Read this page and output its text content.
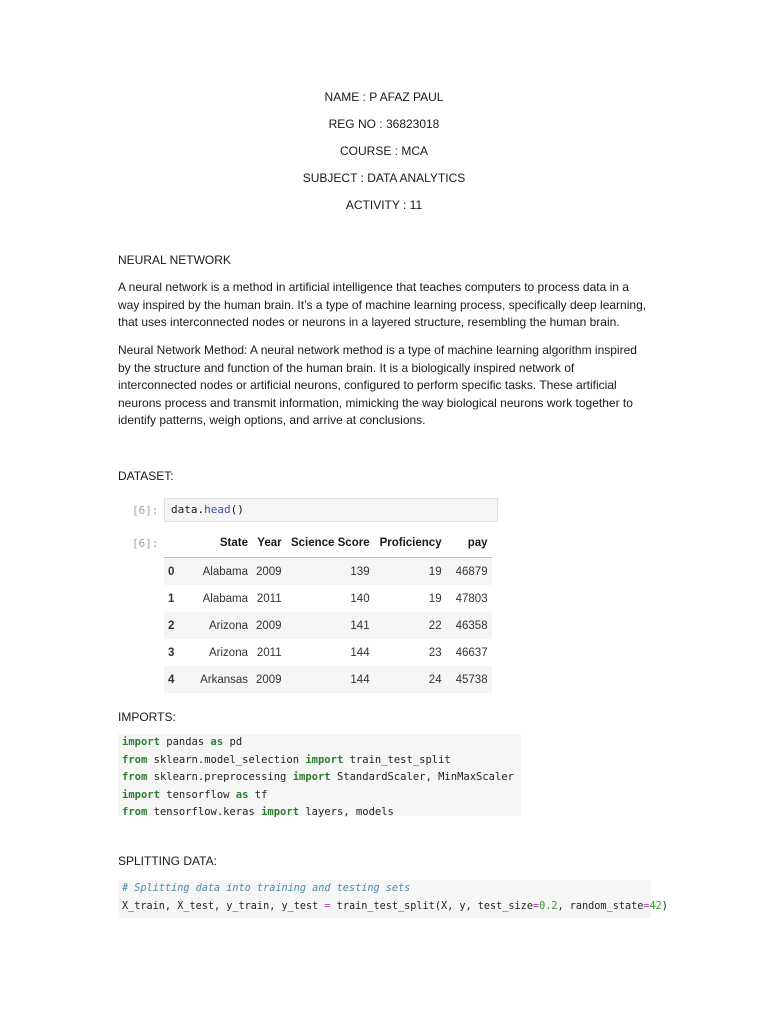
NAME : P AFAZ PAUL
REG NO : 36823018
COURSE : MCA
SUBJECT : DATA ANALYTICS
ACTIVITY : 11
NEURAL NETWORK
A neural network is a method in artificial intelligence that teaches computers to process data in a way inspired by the human brain. It’s a type of machine learning process, specifically deep learning, that uses interconnected nodes or neurons in a layered structure, resembling the human brain.
Neural Network Method: A neural network method is a type of machine learning algorithm inspired by the structure and function of the human brain. It is a biologically inspired network of interconnected nodes or artificial neurons, configured to perform specific tasks. These artificial neurons process and transmit information, mimicking the way biological neurons work together to identify patterns, weigh options, and arrive at conclusions.
DATASET:
[6]:	data.head()
[6]:
		State	Year	Science Score	Proficiency	pay
0	Alabama	2009	139	19	46879
1	Alabama	2011	140	19	47803
2	Arizona	2009	141	22	46358
3	Arizona	2011	144	23	46637
4	Arkansas	2009	144	24	45738
IMPORTS:
import pandas as pd
from sklearn.model_selection import train_test_split
from sklearn.preprocessing import StandardScaler, MinMaxScaler
import tensorflow as tf
from tensorflow.keras import layers, models
SPLITTING DATA:
# Splitting data into training and testing sets
X_train, X_test, y_train, y_test = train_test_split(X, y, test_size=0.2, random_state=42)
